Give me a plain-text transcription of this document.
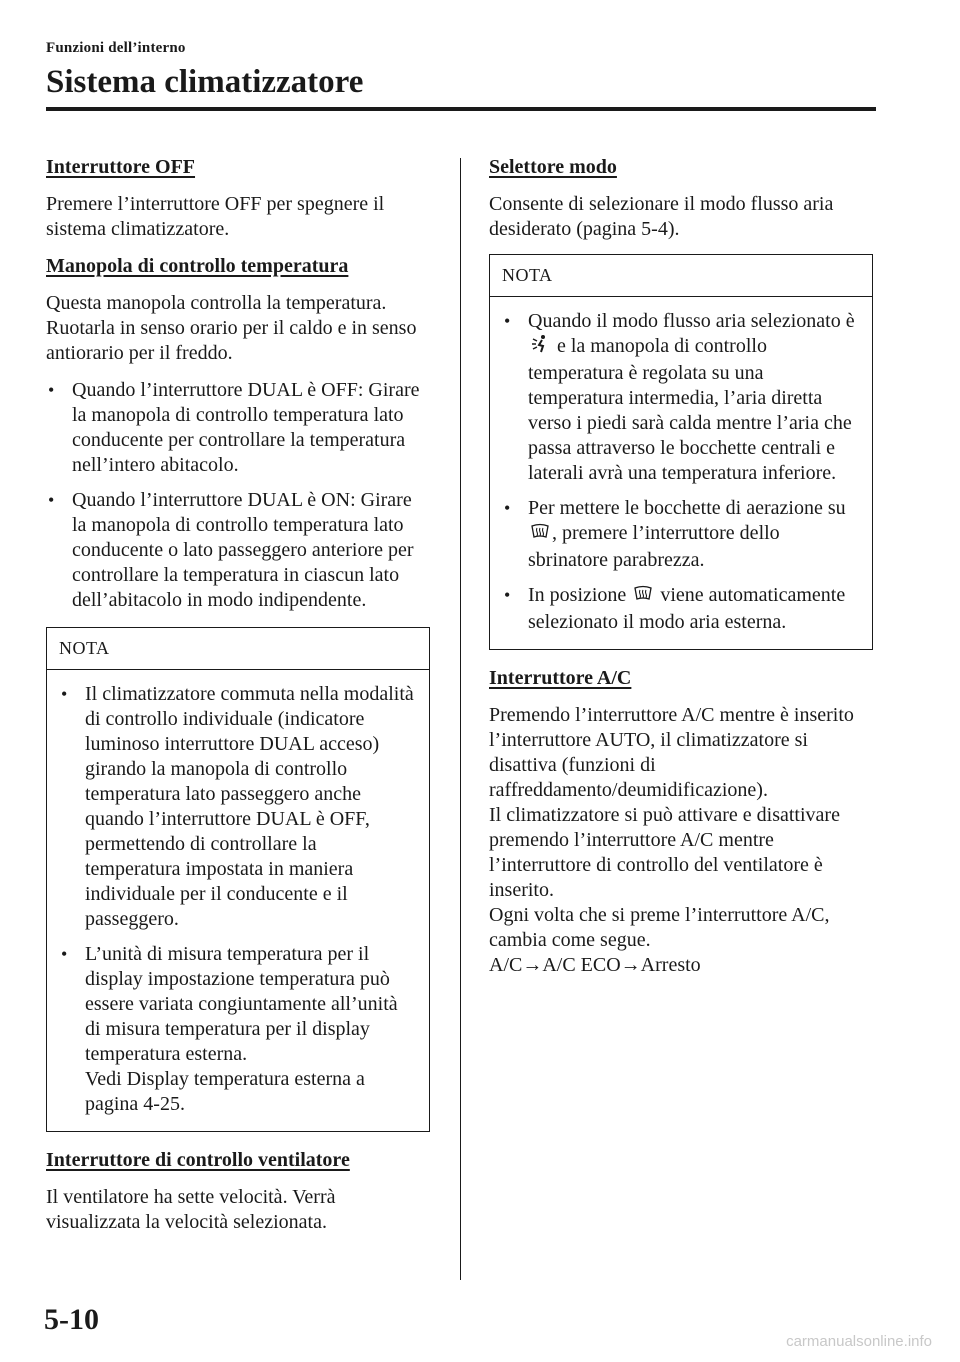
Funzioni dell’interno
Sistema climatizzatore
Interruttore OFF

Premere l’interruttore OFF per spegnere il sistema climatizzatore.

Manopola di controllo temperatura

Questa manopola controlla la temperatura. Ruotarla in senso orario per il caldo e in senso antiorario per il freddo.

• Quando l’interruttore DUAL è OFF: Girare la manopola di controllo temperatura lato conducente per controllare la temperatura nell’intero abitacolo.
• Quando l’interruttore DUAL è ON: Girare la manopola di controllo temperatura lato conducente o lato passeggero anteriore per controllare la temperatura in ciascun lato dell’abitacolo in modo indipendente.
NOTA
• Il climatizzatore commuta nella modalità di controllo individuale (indicatore luminoso interruttore DUAL acceso) girando la manopola di controllo temperatura lato passeggero anche quando l’interruttore DUAL è OFF, permettendo di controllare la temperatura impostata in maniera individuale per il conducente e il passeggero.
• L’unità di misura temperatura per il display impostazione temperatura può essere variata congiuntamente all’unità di misura temperatura per il display temperatura esterna.
Vedi Display temperatura esterna a pagina 4-25.
Interruttore di controllo ventilatore

Il ventilatore ha sette velocità. Verrà visualizzata la velocità selezionata.

Selettore modo

Consente di selezionare il modo flusso aria desiderato (pagina 5-4).

NOTA
• Quando il modo flusso aria selezionato è  e la manopola di controllo temperatura è regolata su una temperatura intermedia, l’aria diretta verso i piedi sarà calda mentre l’aria che passa attraverso le bocchette centrali e laterali avrà una temperatura inferiore.
• Per mettere le bocchette di aerazione su , premere l’interruttore dello sbrinatore parabrezza.
• In posizione viene automaticamente selezionato il modo aria esterna.
Interruttore A/C

Premendo l’interruttore A/C mentre è inserito l’interruttore AUTO, il climatizzatore si disattiva (funzioni di raffreddamento/deumidificazione).

Il climatizzatore si può attivare e disattivare premendo l’interruttore A/C mentre l’interruttore di controllo del ventilatore è inserito.

Ogni volta che si preme l’interruttore A/C, cambia come segue.

A/C→A/C ECO→Arresto

5-10
carmanualsonline.info
